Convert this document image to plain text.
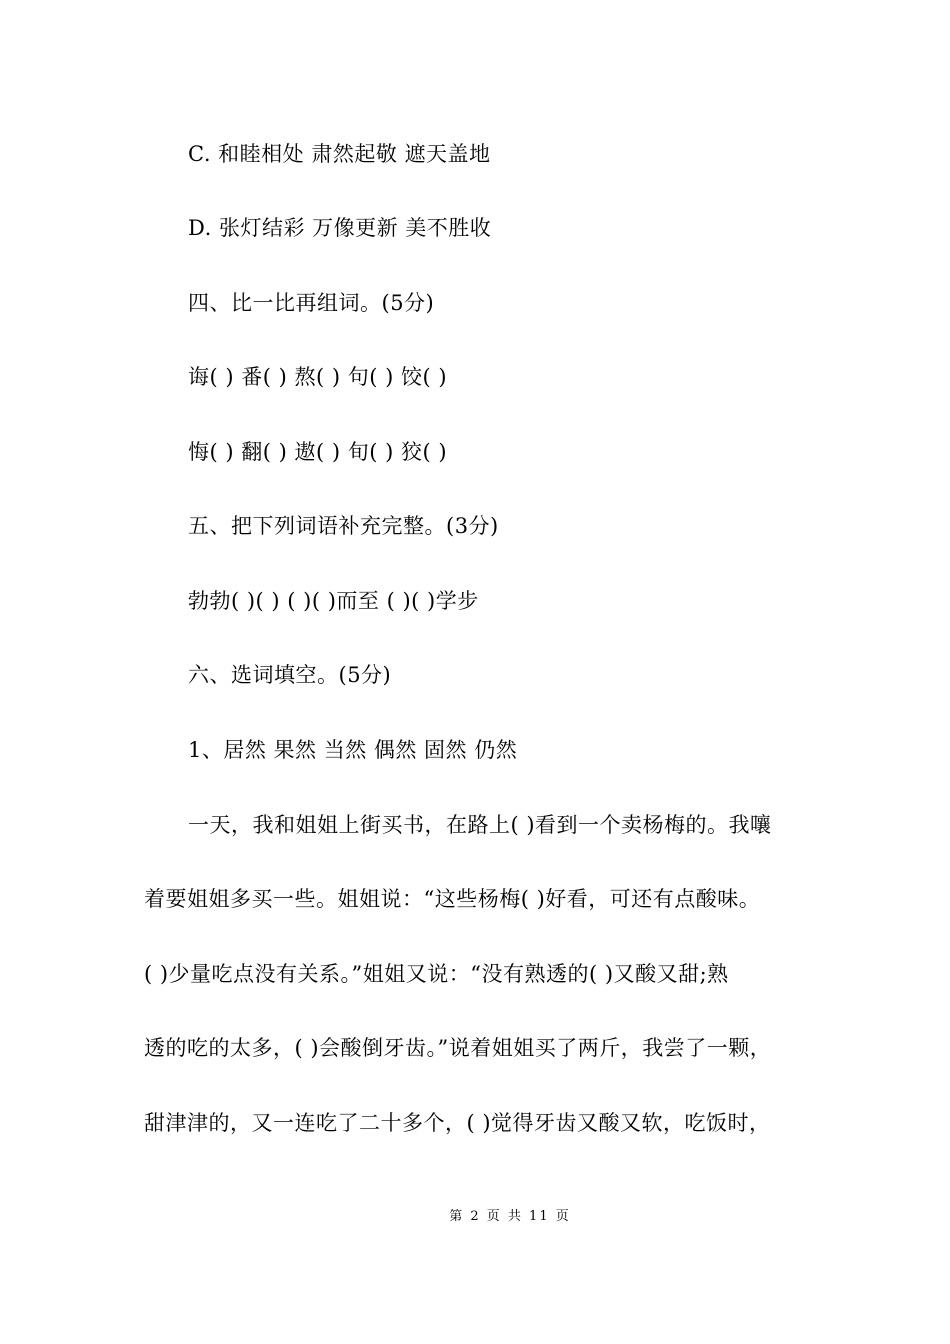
C. 和睦相处 肃然起敬 遮天盖地
D. 张灯结彩 万像更新 美不胜收
四、比一比再组词。(5分)
诲( ) 番( ) 熬( ) 句( ) 饺( )
悔( ) 翻( ) 遨( ) 旬( ) 狡( )
五、把下列词语补充完整。(3分)
勃勃( )( ) ( )( )而至 ( )( )学步
六、选词填空。(5分)
1、居然 果然 当然 偶然 固然 仍然
一天，我和姐姐上街买书，在路上( )看到一个卖杨梅的。我嚷
着要姐姐多买一些。姐姐说：“这些杨梅( )好看，可还有点酸味。
( )少量吃点没有关系。”姐姐又说：“没有熟透的( )又酸又甜;熟
透的吃的太多，( )会酸倒牙齿。”说着姐姐买了两斤，我尝了一颗，
甜津津的，又一连吃了二十多个，( )觉得牙齿又酸又软，吃饭时，
第 2 页 共 11 页
